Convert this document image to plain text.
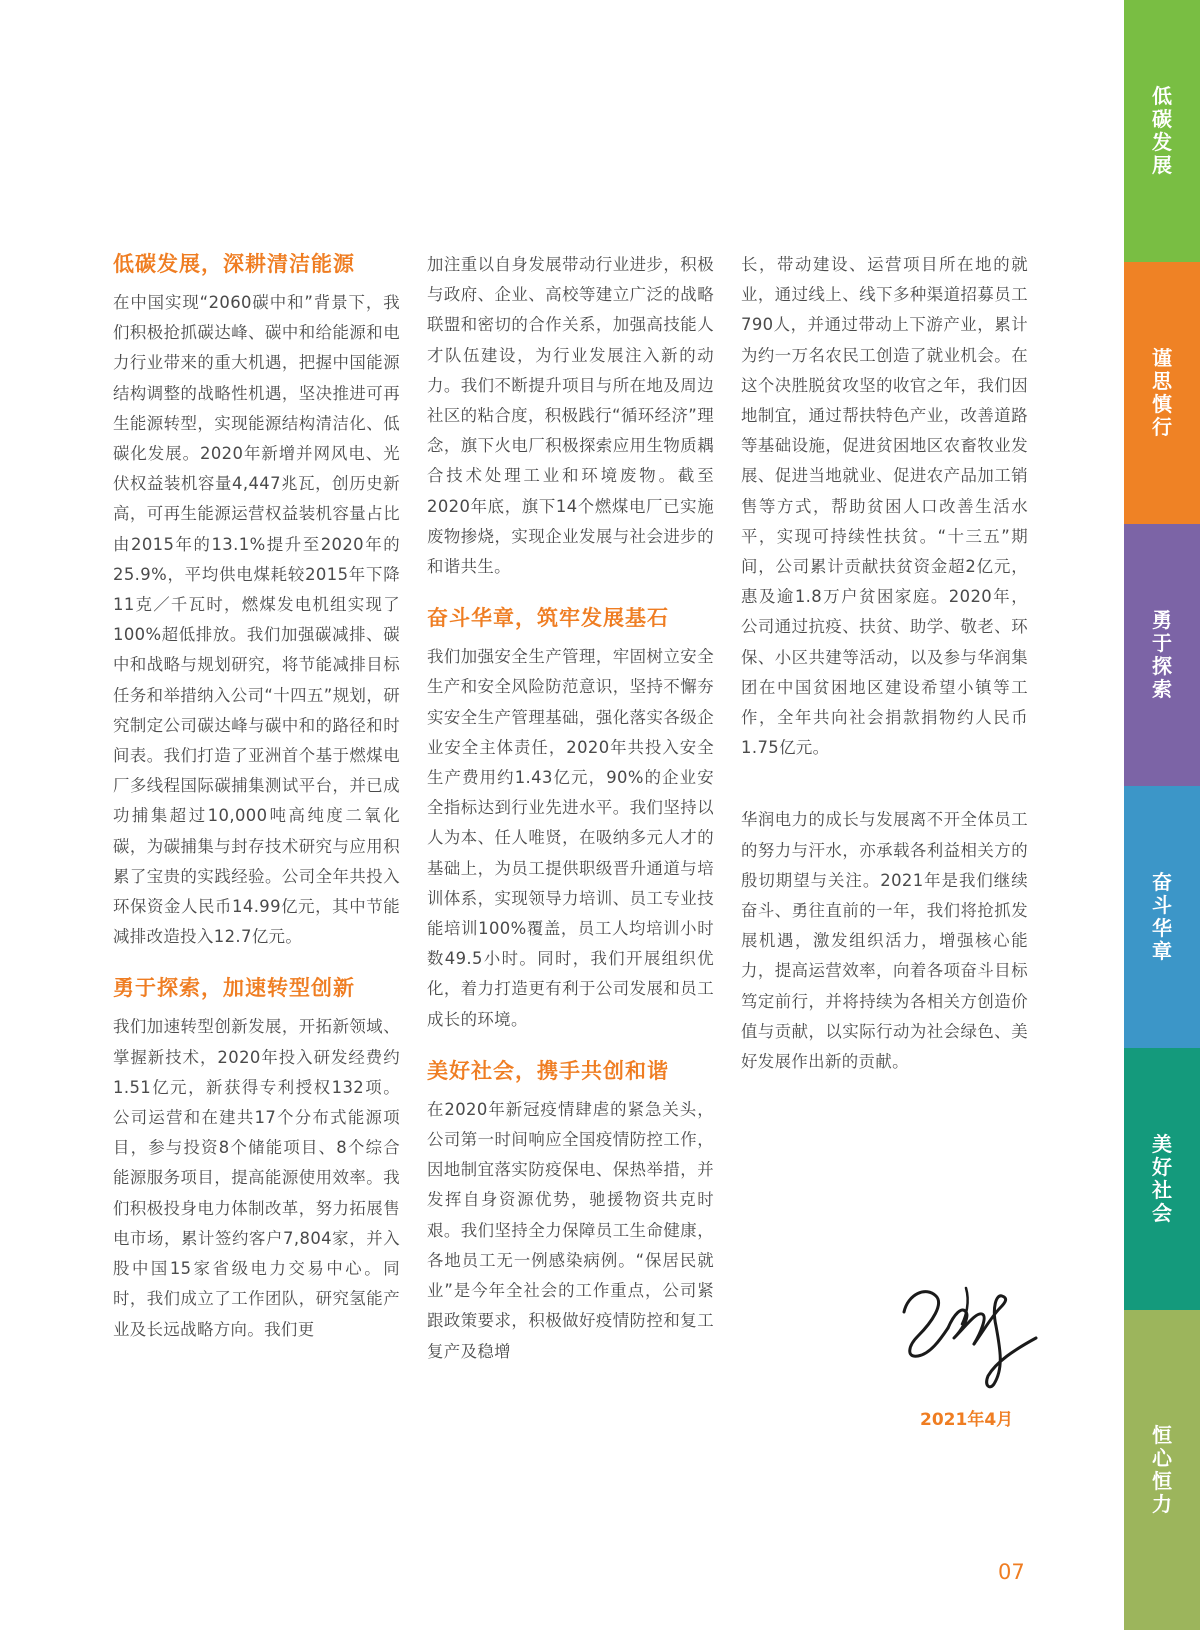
低碳发展，深耕清洁能源

在中国实现“2060碳中和”背景下，我们积极抢抓碳达峰、碳中和给能源和电力行业带来的重大机遇，把握中国能源结构调整的战略性机遇，坚决推进可再生能源转型，实现能源结构清洁化、低碳化发展。2020年新增并网风电、光伏权益装机容量4,447兆瓦，创历史新高，可再生能源运营权益装机容量占比由2015年的13.1%提升至2020年的25.9%，平均供电煤耗较2015年下降11克／千瓦时，燃煤发电机组实现了100%超低排放。我们加强碳减排、碳中和战略与规划研究，将节能减排目标任务和举措纳入公司“十四五”规划，研究制定公司碳达峰与碳中和的路径和时间表。我们打造了亚洲首个基于燃煤电厂多线程国际碳捕集测试平台，并已成功捕集超过10,000吨高纯度二氧化碳，为碳捕集与封存技术研究与应用积累了宝贵的实践经验。公司全年共投入环保资金人民币14.99亿元，其中节能减排改造投入12.7亿元。

勇于探索，加速转型创新

我们加速转型创新发展，开拓新领域、掌握新技术，2020年投入研发经费约1.51亿元，新获得专利授权132项。公司运营和在建共17个分布式能源项目，参与投资8个储能项目、8个综合能源服务项目，提高能源使用效率。我们积极投身电力体制改革，努力拓展售电市场，累计签约客户7,804家，并入股中国15家省级电力交易中心。同时，我们成立了工作团队，研究氢能产业及长远战略方向。我们更

加注重以自身发展带动行业进步，积极与政府、企业、高校等建立广泛的战略联盟和密切的合作关系，加强高技能人才队伍建设，为行业发展注入新的动力。我们不断提升项目与所在地及周边社区的粘合度，积极践行“循环经济”理念，旗下火电厂积极探索应用生物质耦合技术处理工业和环境废物。截至2020年底，旗下14个燃煤电厂已实施废物掺烧，实现企业发展与社会进步的和谐共生。

奋斗华章，筑牢发展基石

我们加强安全生产管理，牢固树立安全生产和安全风险防范意识，坚持不懈夯实安全生产管理基础，强化落实各级企业安全主体责任，2020年共投入安全生产费用约1.43亿元，90%的企业安全指标达到行业先进水平。我们坚持以人为本、任人唯贤，在吸纳多元人才的基础上，为员工提供职级晋升通道与培训体系，实现领导力培训、员工专业技能培训100%覆盖，员工人均培训小时数49.5小时。同时，我们开展组织优化，着力打造更有利于公司发展和员工成长的环境。

美好社会，携手共创和谐

在2020年新冠疫情肆虐的紧急关头，公司第一时间响应全国疫情防控工作，因地制宜落实防疫保电、保热举措，并发挥自身资源优势，驰援物资共克时艰。我们坚持全力保障员工生命健康，各地员工无一例感染病例。“保居民就业”是今年全社会的工作重点，公司紧跟政策要求，积极做好疫情防控和复工复产及稳增

长，带动建设、运营项目所在地的就业，通过线上、线下多种渠道招募员工790人，并通过带动上下游产业，累计为约一万名农民工创造了就业机会。在这个决胜脱贫攻坚的收官之年，我们因地制宜，通过帮扶特色产业，改善道路等基础设施，促进贫困地区农畜牧业发展、促进当地就业、促进农产品加工销售等方式，帮助贫困人口改善生活水平，实现可持续性扶贫。“十三五”期间，公司累计贡献扶贫资金超2亿元，惠及逾1.8万户贫困家庭。2020年，公司通过抗疫、扶贫、助学、敬老、环保、小区共建等活动，以及参与华润集团在中国贫困地区建设希望小镇等工作，全年共向社会捐款捐物约人民币1.75亿元。

华润电力的成长与发展离不开全体员工的努力与汗水，亦承载各利益相关方的殷切期望与关注。2021年是我们继续奋斗、勇往直前的一年，我们将抢抓发展机遇，激发组织活力，增强核心能力，提高运营效率，向着各项奋斗目标笃定前行，并将持续为各相关方创造价值与贡献，以实际行动为社会绿色、美好发展作出新的贡献。

2021年4月
低碳发展
谨思慎行
勇于探索
奋斗华章
美好社会
恒心恒力
07
